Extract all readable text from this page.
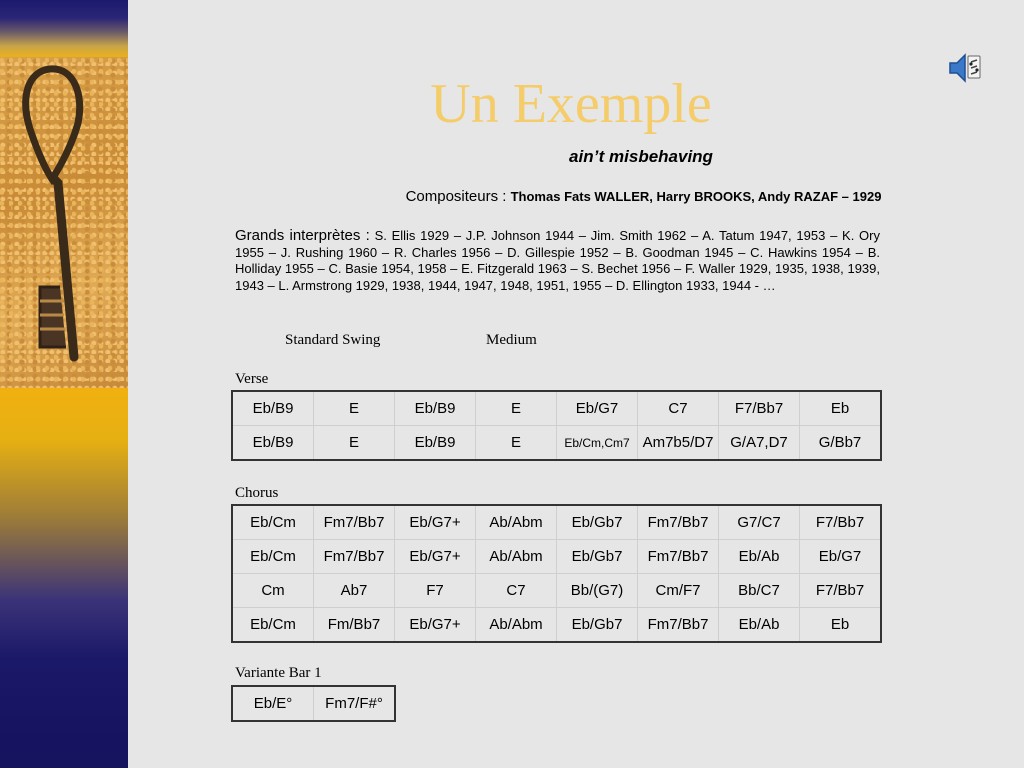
Un Exemple
ain’t misbehaving
Compositeurs : Thomas Fats WALLER, Harry BROOKS, Andy RAZAF – 1929
Grands interprètes : S. Ellis 1929 – J.P. Johnson 1944 – Jim. Smith 1962 – A. Tatum 1947, 1953 – K. Ory 1955 – J. Rushing 1960 – R. Charles 1956 – D. Gillespie 1952 – B. Goodman 1945 – C. Hawkins 1954 – B. Holliday 1955 – C. Basie 1954, 1958 – E. Fitzgerald 1963 – S. Bechet 1956 – F. Waller 1929, 1935, 1938, 1939, 1943 – L. Armstrong 1929, 1938, 1944, 1947, 1948, 1951, 1955 – D. Ellington 1933, 1944 - …
Standard Swing	Medium
Verse
Eb/B9	E	Eb/B9	E	Eb/G7	C7	F7/Bb7	Eb
Eb/B9	E	Eb/B9	E	Eb/Cm,Cm7	Am7b5/D7	G/A7,D7	G/Bb7
Chorus
Eb/Cm	Fm7/Bb7	Eb/G7+	Ab/Abm	Eb/Gb7	Fm7/Bb7	G7/C7	F7/Bb7
Eb/Cm	Fm7/Bb7	Eb/G7+	Ab/Abm	Eb/Gb7	Fm7/Bb7	Eb/Ab	Eb/G7
Cm	Ab7	F7	C7	Bb/(G7)	Cm/F7	Bb/C7	F7/Bb7
Eb/Cm	Fm/Bb7	Eb/G7+	Ab/Abm	Eb/Gb7	Fm7/Bb7	Eb/Ab	Eb
Variante Bar 1
Eb/E°	Fm7/F#°
